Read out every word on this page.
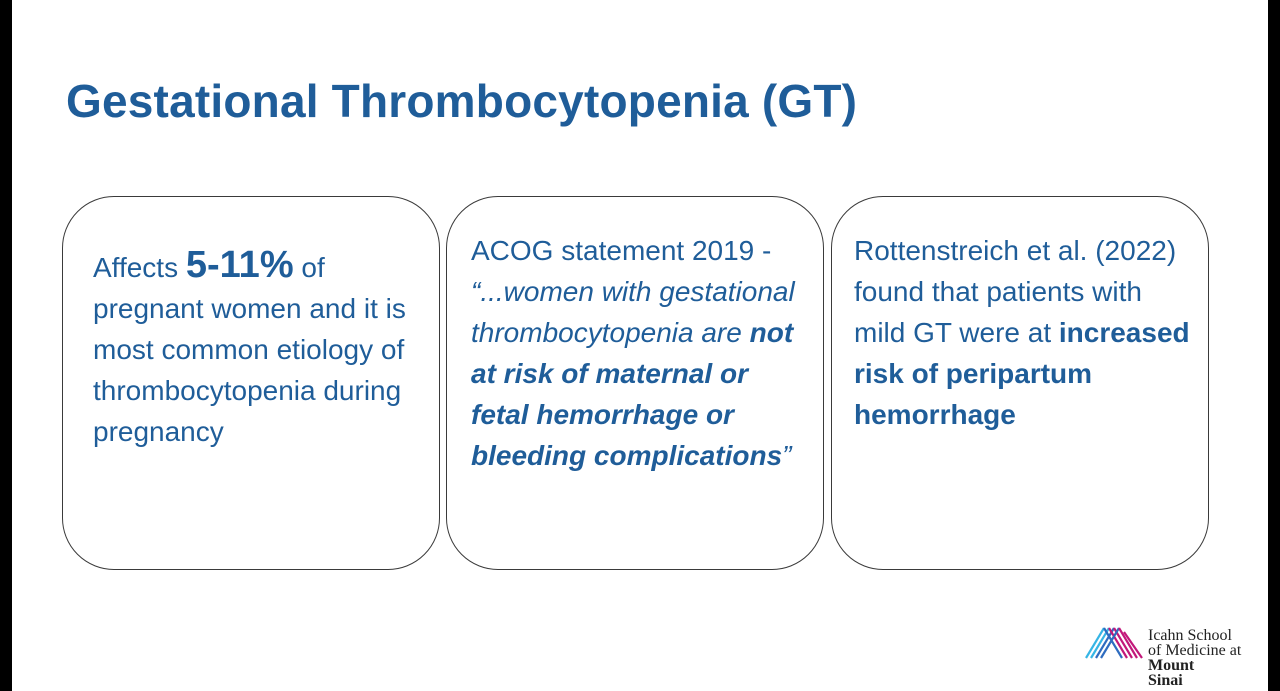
Gestational Thrombocytopenia (GT)
Affects 5-11% of pregnant women and it is most common etiology of thrombocytopenia during pregnancy
ACOG statement 2019 - “...women with gestational thrombocytopenia are not at risk of maternal or fetal hemorrhage or bleeding complications”
Rottenstreich et al. (2022) found that patients with mild GT were at increased risk of peripartum hemorrhage
Icahn School
of Medicine at
Mount
Sinai
